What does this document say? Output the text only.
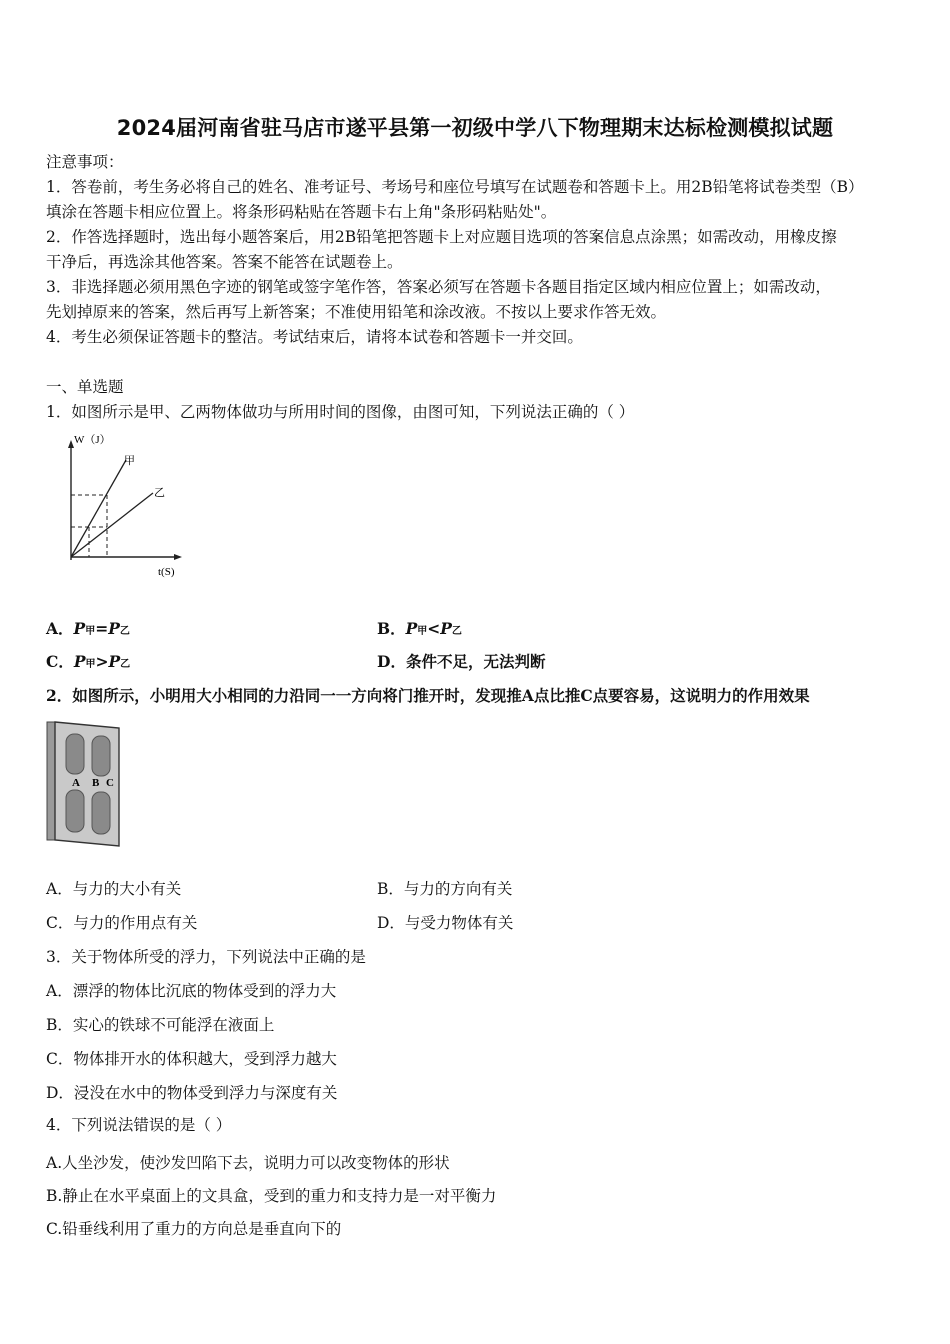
2024届河南省驻马店市遂平县第一初级中学八下物理期末达标检测模拟试题
注意事项：
1．答卷前，考生务必将自己的姓名、准考证号、考场号和座位号填写在试题卷和答题卡上。用2B铅笔将试卷类型（B）
填涂在答题卡相应位置上。将条形码粘贴在答题卡右上角"条形码粘贴处"。
2．作答选择题时，选出每小题答案后，用2B铅笔把答题卡上对应题目选项的答案信息点涂黑；如需改动，用橡皮擦
干净后，再选涂其他答案。答案不能答在试题卷上。
3．非选择题必须用黑色字迹的钢笔或签字笔作答，答案必须写在答题卡各题目指定区域内相应位置上；如需改动，
先划掉原来的答案，然后再写上新答案；不准使用铅笔和涂改液。不按以上要求作答无效。
4．考生必须保证答题卡的整洁。考试结束后，请将本试卷和答题卡一并交回。
一、单选题
1．如图所示是甲、乙两物体做功与所用时间的图像，由图可知，下列说法正确的（ ）
W（J）
甲
乙
t(S)
A．P甲=P乙	B．P甲<P乙
C．P甲>P乙	D．条件不足，无法判断
2．如图所示，小明用大小相同的力沿同一一方向将门推开时，发现推A点比推C点要容易，这说明力的作用效果
A B C
A．与力的大小有关	B．与力的方向有关
C．与力的作用点有关	D．与受力物体有关
3．关于物体所受的浮力，下列说法中正确的是
A．漂浮的物体比沉底的物体受到的浮力大
B．实心的铁球不可能浮在液面上
C．物体排开水的体积越大，受到浮力越大
D．浸没在水中的物体受到浮力与深度有关
4．下列说法错误的是（ ）
A.人坐沙发，使沙发凹陷下去，说明力可以改变物体的形状
B.静止在水平桌面上的文具盒，受到的重力和支持力是一对平衡力
C.铅垂线利用了重力的方向总是垂直向下的
